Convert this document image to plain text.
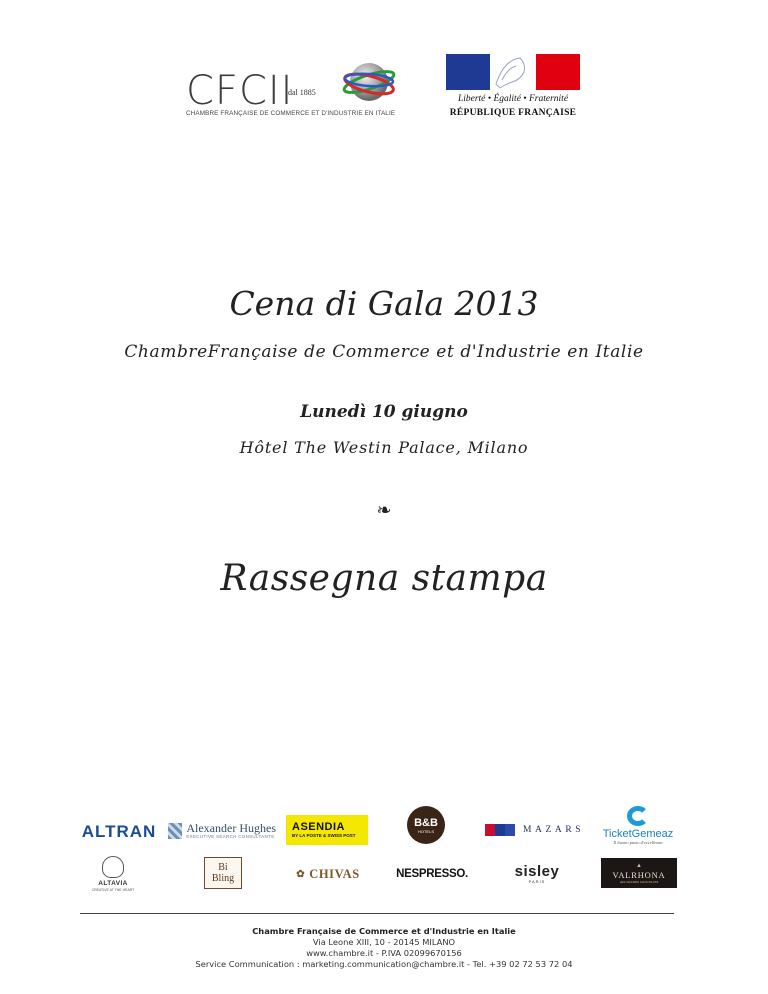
CFCII
dal 1885
CHAMBRE FRANÇAISE DE COMMERCE ET D'INDUSTRIE EN ITALIE
Liberté • Égalité • Fraternité
RÉPUBLIQUE FRANÇAISE
Cena di Gala 2013
ChambreFrançaise de Commerce et d'Industrie en Italie
Lunedì 10 giugno
Hôtel The Westin Palace, Milano
❧
Rassegna stampa
ALTRAN	Alexander Hughes
EXECUTIVE SEARCH CONSULTANTS
ASENDIA
BY LA POSTE & SWISS POST
B&B
HOTELS	MAZARS TicketGemeaz
Il buono pasto d'eccellenza
ALTAVIA
CREATIVE AT THE HEART
Bi
Bling	✿ CHIVAS	NESPRESSO.	sisley
PARIS
▲
VALRHONA
LES GRANDS CHOCOLATS
Chambre Française de Commerce et d'Industrie en Italie
Via Leone XIII, 10 - 20145 MILANO
www.chambre.it - P.IVA 02099670156
Service Communication : marketing.communication@chambre.it - Tel. +39 02 72 53 72 04
